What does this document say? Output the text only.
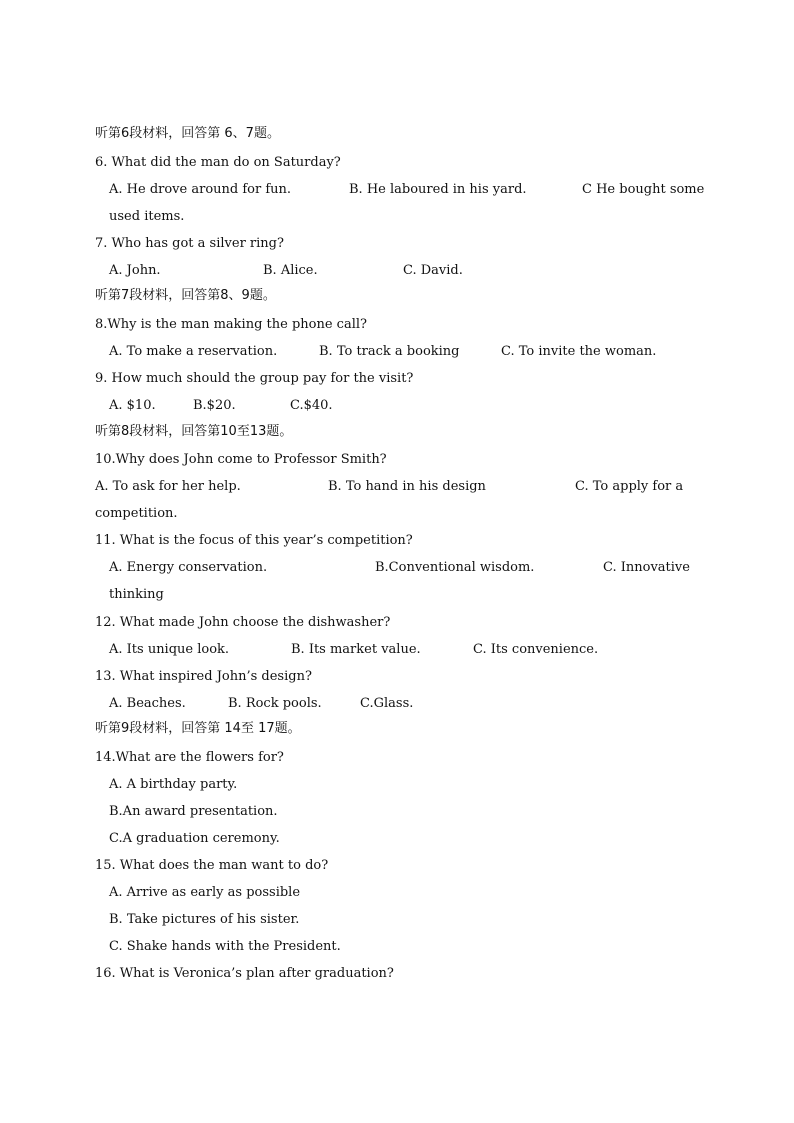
听第6段材料，回答第 6、7题。
6. What did the man do on Saturday?
A. He drove around for fun.	B. He laboured in his yard.	C He bought some
used items.
7. Who has got a silver ring?
A. John.	B. Alice.	C. David.
听第7段材料，回答第8、9题。
8.Why is the man making the phone call?
A. To make a reservation.	B. To track a booking	C. To invite the woman.
9. How much should the group pay for the visit?
A. $10.	B.$20.	C.$40.
听第8段材料，回答第10至13题。
10.Why does John come to Professor Smith?
A. To ask for her help.	B. To hand in his design	C. To apply for a
competition.
11. What is the focus of this year’s competition?
A. Energy conservation.	B.Conventional wisdom.	C. Innovative
thinking
12. What made John choose the dishwasher?
A. Its unique look.	B. Its market value.	C. Its convenience.
13. What inspired John’s design?
A. Beaches.	B. Rock pools.	C.Glass.
听第9段材料，回答第 14至 17题。
14.What are the flowers for?
A. A birthday party.
B.An award presentation.
C.A graduation ceremony.
15. What does the man want to do?
A. Arrive as early as possible
B. Take pictures of his sister.
C. Shake hands with the President.
16. What is Veronica’s plan after graduation?
